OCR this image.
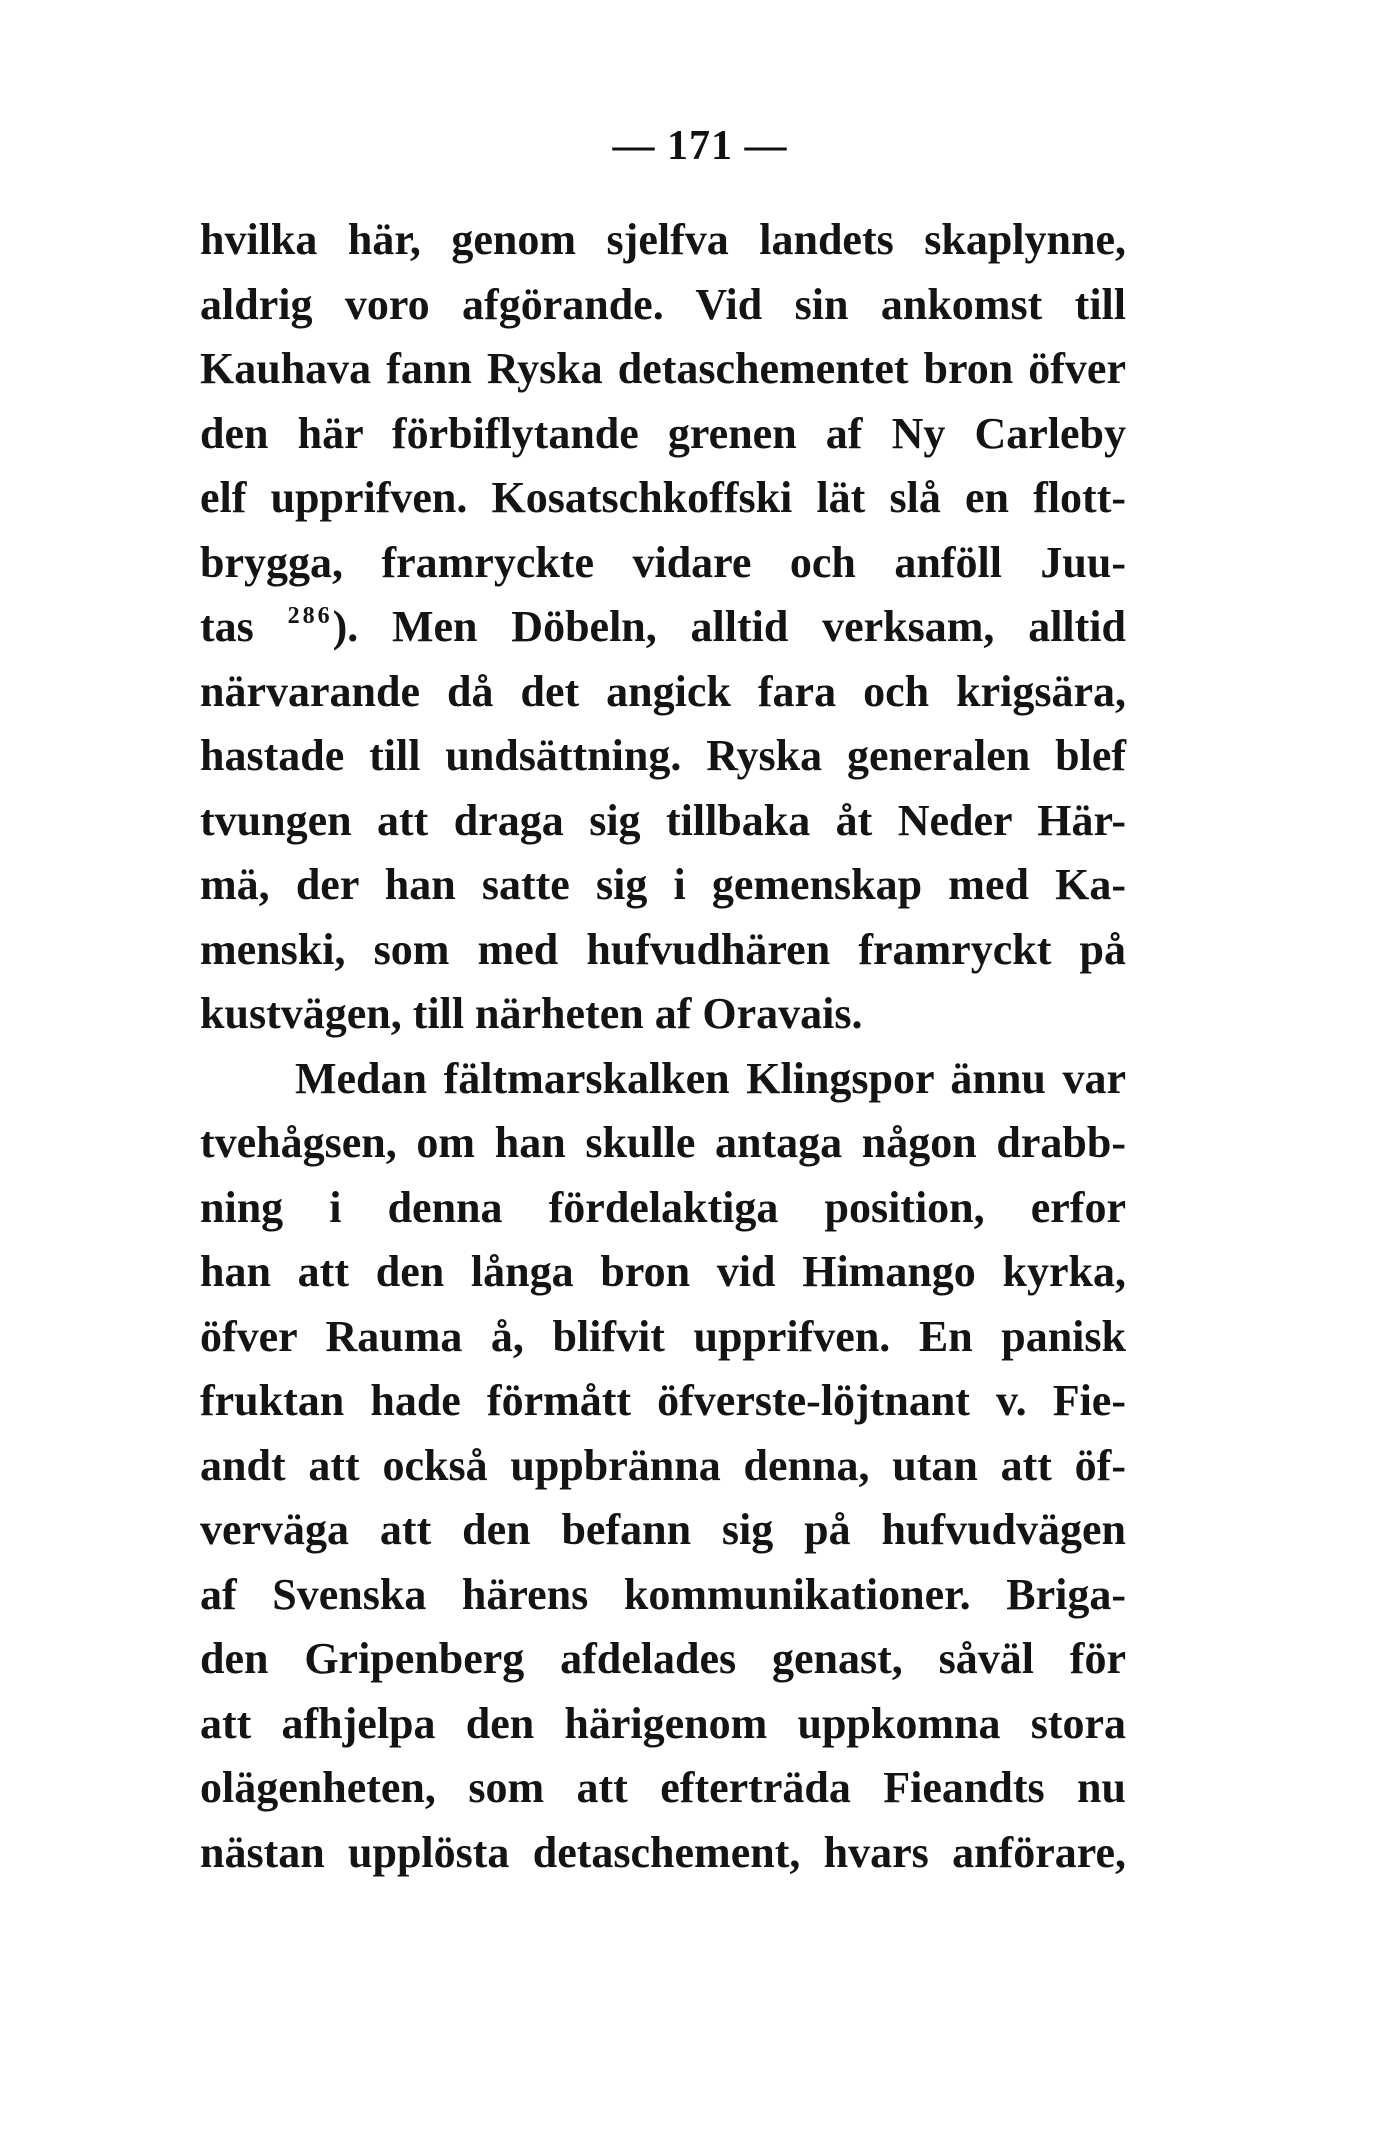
— 171 —
hvilka här, genom sjelfva landets skaplynne,
aldrig voro afgörande. Vid sin ankomst till
Kauhava fann Ryska detaschementet bron öfver
den här förbiflytande grenen af Ny Carleby
elf upprifven. Kosatschkoffski lät slå en flott-
brygga, framryckte vidare och anföll Juu-
tas $^{286}$). Men Döbeln, alltid verksam, alltid
närvarande då det angick fara och krigsära,
hastade till undsättning. Ryska generalen blef
tvungen att draga sig tillbaka åt Neder Här-
mä, der han satte sig i gemenskap med Ka-
menski, som med hufvudhären framryckt på
kustvägen, till närheten af Oravais.
Medan fältmarskalken Klingspor ännu var
tvehågsen, om han skulle antaga någon drabb-
ning i denna fördelaktiga position, erfor
han att den långa bron vid Himango kyrka,
öfver Rauma å, blifvit upprifven. En panisk
fruktan hade förmått öfverste-löjtnant v. Fie-
andt att också uppbränna denna, utan att öf-
verväga att den befann sig på hufvudvägen
af Svenska härens kommunikationer. Briga-
den Gripenberg afdelades genast, såväl för
att afhjelpa den härigenom uppkomna stora
olägenheten, som att efterträda Fieandts nu
nästan upplösta detaschement, hvars anförare,
